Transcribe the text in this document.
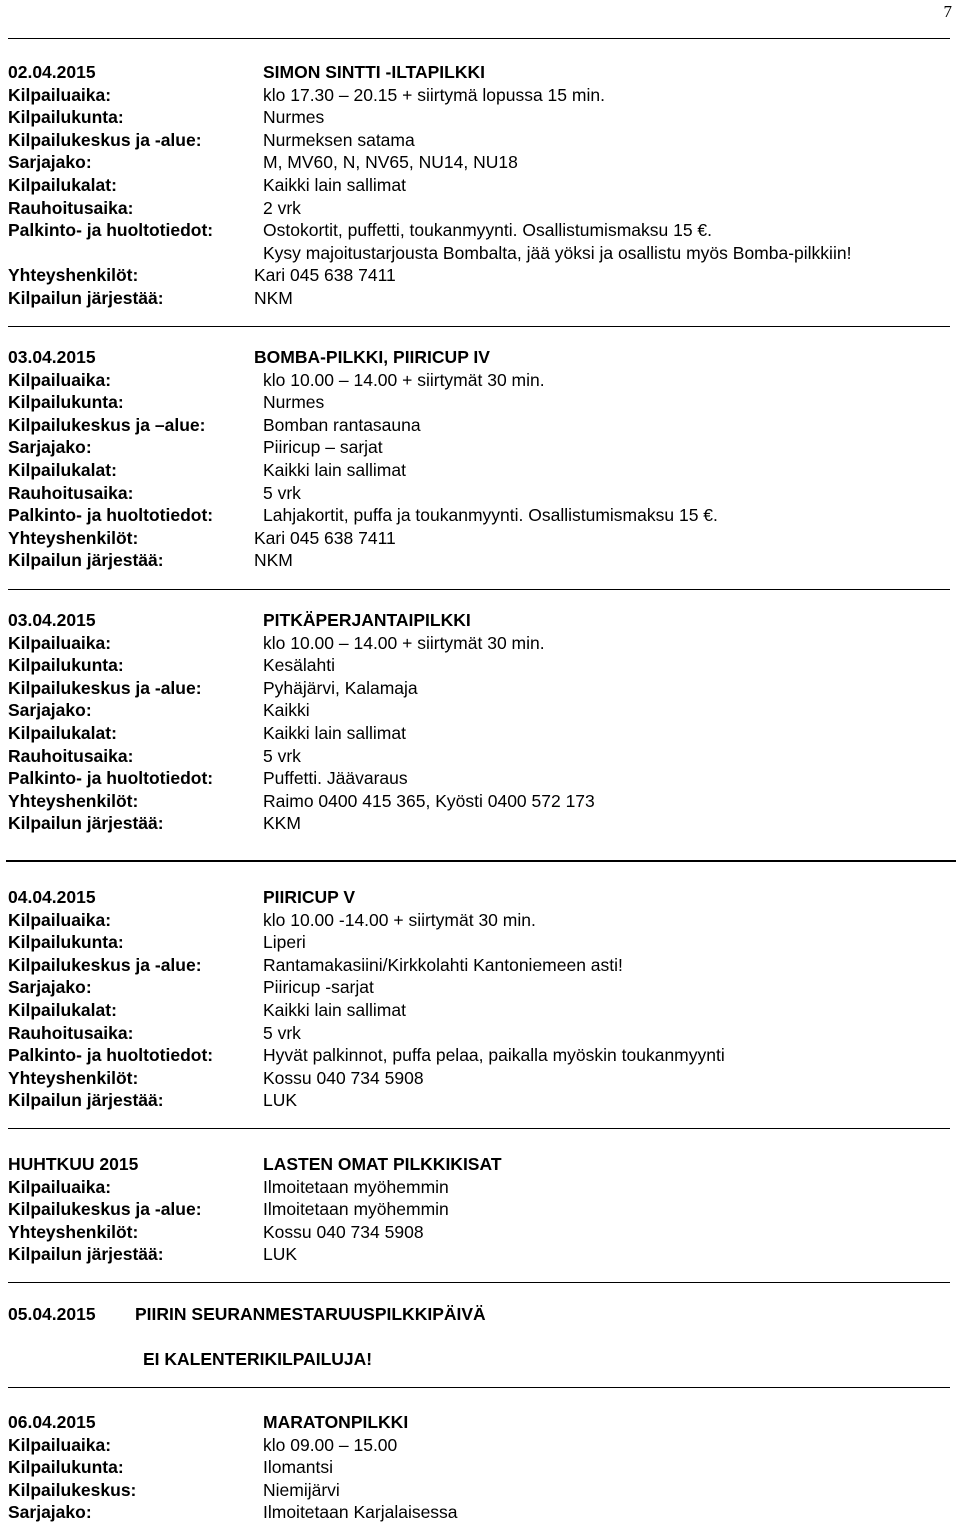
7
02.04.2015	SIMON SINTTI -ILTAPILKKI
Kilpailuaika:	klo 17.30 – 20.15 + siirtymä lopussa 15 min.
Kilpailukunta:	Nurmes
Kilpailukeskus ja -alue:	Nurmeksen satama
Sarjajako:	M, MV60, N, NV65, NU14, NU18
Kilpailukalat:	Kaikki lain sallimat
Rauhoitusaika:	2 vrk
Palkinto- ja huoltotiedot:	Ostokortit, puffetti, toukanmyynti. Osallistumismaksu 15 €.
Kysy majoitustarjousta Bombalta, jää yöksi ja osallistu myös Bomba-pilkkiin!
Yhteyshenkilöt:	Kari 045 638 7411
Kilpailun järjestää:	NKM
03.04.2015	BOMBA-PILKKI, PIIRICUP IV
Kilpailuaika:	klo 10.00 – 14.00 + siirtymät 30 min.
Kilpailukunta:	Nurmes
Kilpailukeskus ja –alue:	Bomban rantasauna
Sarjajako:	Piiricup – sarjat
Kilpailukalat:	Kaikki lain sallimat
Rauhoitusaika:	5 vrk
Palkinto- ja huoltotiedot:	Lahjakortit, puffa ja toukanmyynti. Osallistumismaksu 15 €.
Yhteyshenkilöt:	Kari 045 638 7411
Kilpailun järjestää:	NKM
03.04.2015	PITKÄPERJANTAIPILKKI
Kilpailuaika:	klo 10.00 – 14.00 + siirtymät 30 min.
Kilpailukunta:	Kesälahti
Kilpailukeskus ja -alue:	Pyhäjärvi, Kalamaja
Sarjajako:	Kaikki
Kilpailukalat:	Kaikki lain sallimat
Rauhoitusaika:	5 vrk
Palkinto- ja huoltotiedot:	Puffetti. Jäävaraus
Yhteyshenkilöt:	Raimo 0400 415 365, Kyösti 0400 572 173
Kilpailun järjestää:	KKM
04.04.2015	PIIRICUP V
Kilpailuaika:	klo 10.00 -14.00 + siirtymät 30 min.
Kilpailukunta:	Liperi
Kilpailukeskus ja -alue:	Rantamakasiini/Kirkkolahti Kantoniemeen asti!
Sarjajako:	Piiricup -sarjat
Kilpailukalat:	Kaikki lain sallimat
Rauhoitusaika:	5 vrk
Palkinto- ja huoltotiedot:	Hyvät palkinnot, puffa pelaa, paikalla myöskin toukanmyynti
Yhteyshenkilöt:	Kossu 040 734 5908
Kilpailun järjestää:	LUK
HUHTKUU 2015	LASTEN OMAT PILKKIKISAT
Kilpailuaika:	Ilmoitetaan myöhemmin
Kilpailukeskus ja -alue:	Ilmoitetaan myöhemmin
Yhteyshenkilöt:	Kossu 040 734 5908
Kilpailun järjestää:	LUK
05.04.2015 PIIRIN SEURANMESTARUUSPILKKIPÄIVÄ
EI KALENTERIKILPAILUJA!
06.04.2015	MARATONPILKKI
Kilpailuaika:	klo 09.00 – 15.00
Kilpailukunta:	Ilomantsi
Kilpailukeskus:	Niemijärvi
Sarjajako:	Ilmoitetaan Karjalaisessa
